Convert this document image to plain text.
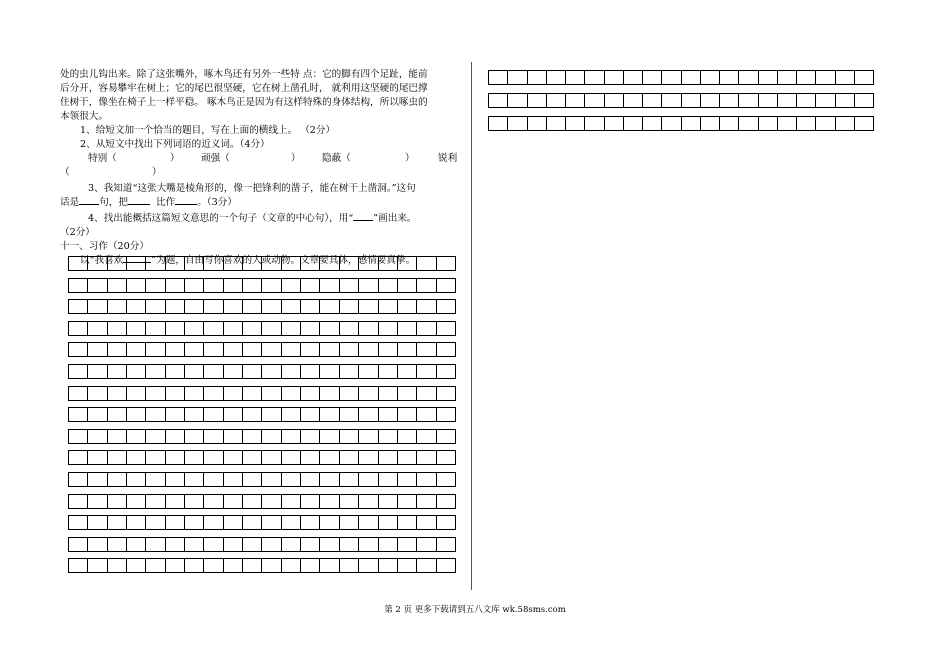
处的虫儿钩出来。除了这张嘴外，啄木鸟还有另外一些特 点：它的脚有四个足趾，能前
后分开，容易攀牢在树上；它的尾巴很坚硬，它在树上凿孔时， 就利用这坚硬的尾巴撑
住树干，像坐在椅子上一样平稳。 啄木鸟正是因为有这样特殊的身体结构，所以啄虫的
本领很大。
1、给短文加一个恰当的题目，写在上面的横线上。 （2分）
2、从短文中找出下列词语的近义词。（4分）
特别（	） 顽强（	） 隐蔽（	） 锐利
（	）
3、我知道“这张大嘴是棱角形的，像一把锋利的凿子，能在树干上凿洞。”这句
话是 句，把	比作 。（3分）
4、找出能概括这篇短文意思的一个句子（文章的中心句），用“ ”画出来。
（2分）
十一、习作（20分）
以“我喜欢	”为题，自由写你喜欢的人或动物。文章要具体，感情要真挚。
第 2 页 更多下载请到五八文库 wk.58sms.com
